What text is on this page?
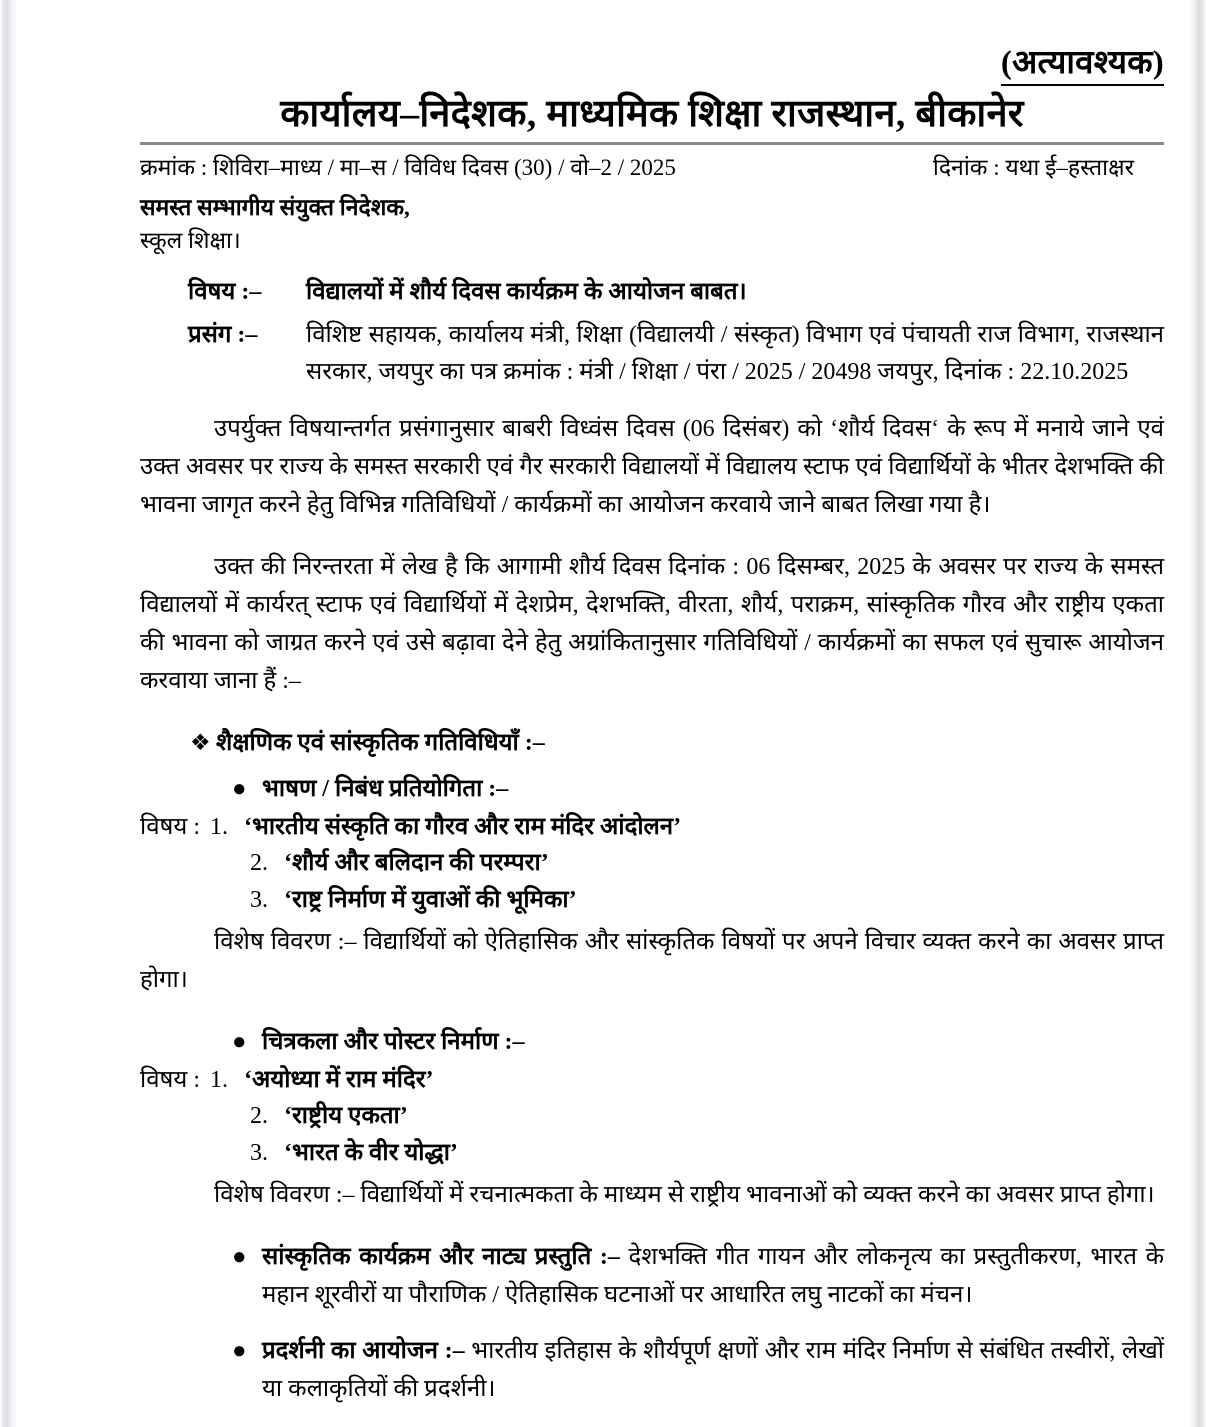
(अत्यावश्यक)
कार्यालय–निदेशक, माध्यमिक शिक्षा राजस्थान, बीकानेर
क्रमांक : शिविरा–माध्य / मा–स / विविध दिवस (30) / वो–2 / 2025	दिनांक : यथा ई–हस्ताक्षर
समस्त सम्भागीय संयुक्त निदेशक,
स्कूल शिक्षा।
विषय :–	विद्यालयों में शौर्य दिवस कार्यक्रम के आयोजन बाबत।
प्रसंग :–	विशिष्ट सहायक, कार्यालय मंत्री, शिक्षा (विद्यालयी / संस्कृत) विभाग एवं पंचायती राज विभाग, राजस्थान सरकार, जयपुर का पत्र क्रमांक : मंत्री / शिक्षा / पंरा / 2025 / 20498 जयपुर, दिनांक : 22.10.2025

उपर्युक्त विषयान्तर्गत प्रसंगानुसार बाबरी विध्वंस दिवस (06 दिसंबर) को ‘शौर्य दिवस‘ के रूप में मनाये जाने एवं उक्त अवसर पर राज्य के समस्त सरकारी एवं गैर सरकारी विद्यालयों में विद्यालय स्टाफ एवं विद्यार्थियों के भीतर देशभक्ति की भावना जागृत करने हेतु विभिन्न गतिविधियों / कार्यक्रमों का आयोजन करवाये जाने बाबत लिखा गया है।

उक्त की निरन्तरता में लेख है कि आगामी शौर्य दिवस दिनांक : 06 दिसम्बर, 2025 के अवसर पर राज्य के समस्त विद्यालयों में कार्यरत् स्टाफ एवं विद्यार्थियों में देशप्रेम, देशभक्ति, वीरता, शौर्य, पराक्रम, सांस्कृतिक गौरव और राष्ट्रीय एकता की भावना को जाग्रत करने एवं उसे बढ़ावा देने हेतु अग्रांकितानुसार गतिविधियों / कार्यक्रमों का सफल एवं सुचारू आयोजन करवाया जाना हैं :–

❖ शैक्षणिक एवं सांस्कृतिक गतिविधियाँ :–
● भाषण / निबंध प्रतियोगिता :–
विषय : 1. ‘भारतीय संस्कृति का गौरव और राम मंदिर आंदोलन’
2. ‘शौर्य और बलिदान की परम्परा’
3. ‘राष्ट्र निर्माण में युवाओं की भूमिका’

विशेष विवरण :– विद्यार्थियों को ऐतिहासिक और सांस्कृतिक विषयों पर अपने विचार व्यक्त करने का अवसर प्राप्त होगा।

● चित्रकला और पोस्टर निर्माण :–
विषय : 1. ‘अयोध्या में राम मंदिर’
2. ‘राष्ट्रीय एकता’
3. ‘भारत के वीर योद्धा’

विशेष विवरण :– विद्यार्थियों में रचनात्मकता के माध्यम से राष्ट्रीय भावनाओं को व्यक्त करने का अवसर प्राप्त होगा।

● सांस्कृतिक कार्यक्रम और नाट्य प्रस्तुति :– देशभक्ति गीत गायन और लोकनृत्य का प्रस्तुतीकरण, भारत के महान शूरवीरों या पौराणिक / ऐतिहासिक घटनाओं पर आधारित लघु नाटकों का मंचन।
● प्रदर्शनी का आयोजन :– भारतीय इतिहास के शौर्यपूर्ण क्षणों और राम मंदिर निर्माण से संबंधित तस्वीरों, लेखों या कलाकृतियों की प्रदर्शनी।
